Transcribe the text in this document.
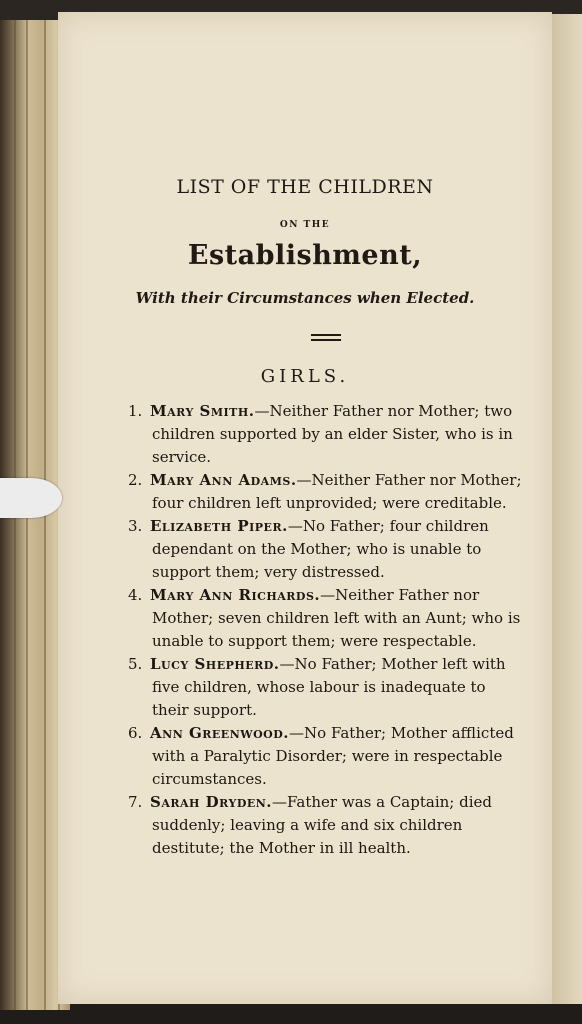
LIST OF THE CHILDREN
ON THE
Establishment,
With their Circumstances when Elected.
GIRLS.
1. Mary Smith.—Neither Father nor Mother; two children supported by an elder Sister, who is in service.
2. Mary Ann Adams.—Neither Father nor Mother; four children left unprovided; were creditable.
3. Elizabeth Piper.—No Father; four children dependant on the Mother; who is unable to support them; very distressed.
4. Mary Ann Richards.—Neither Father nor Mother; seven children left with an Aunt; who is unable to support them; were respectable.
5. Lucy Shepherd.—No Father; Mother left with five children, whose labour is inadequate to their support.
6. Ann Greenwood.—No Father; Mother afflicted with a Paralytic Disorder; were in respectable circumstances.
7. Sarah Dryden.—Father was a Captain; died suddenly; leaving a wife and six children destitute; the Mother in ill health.
